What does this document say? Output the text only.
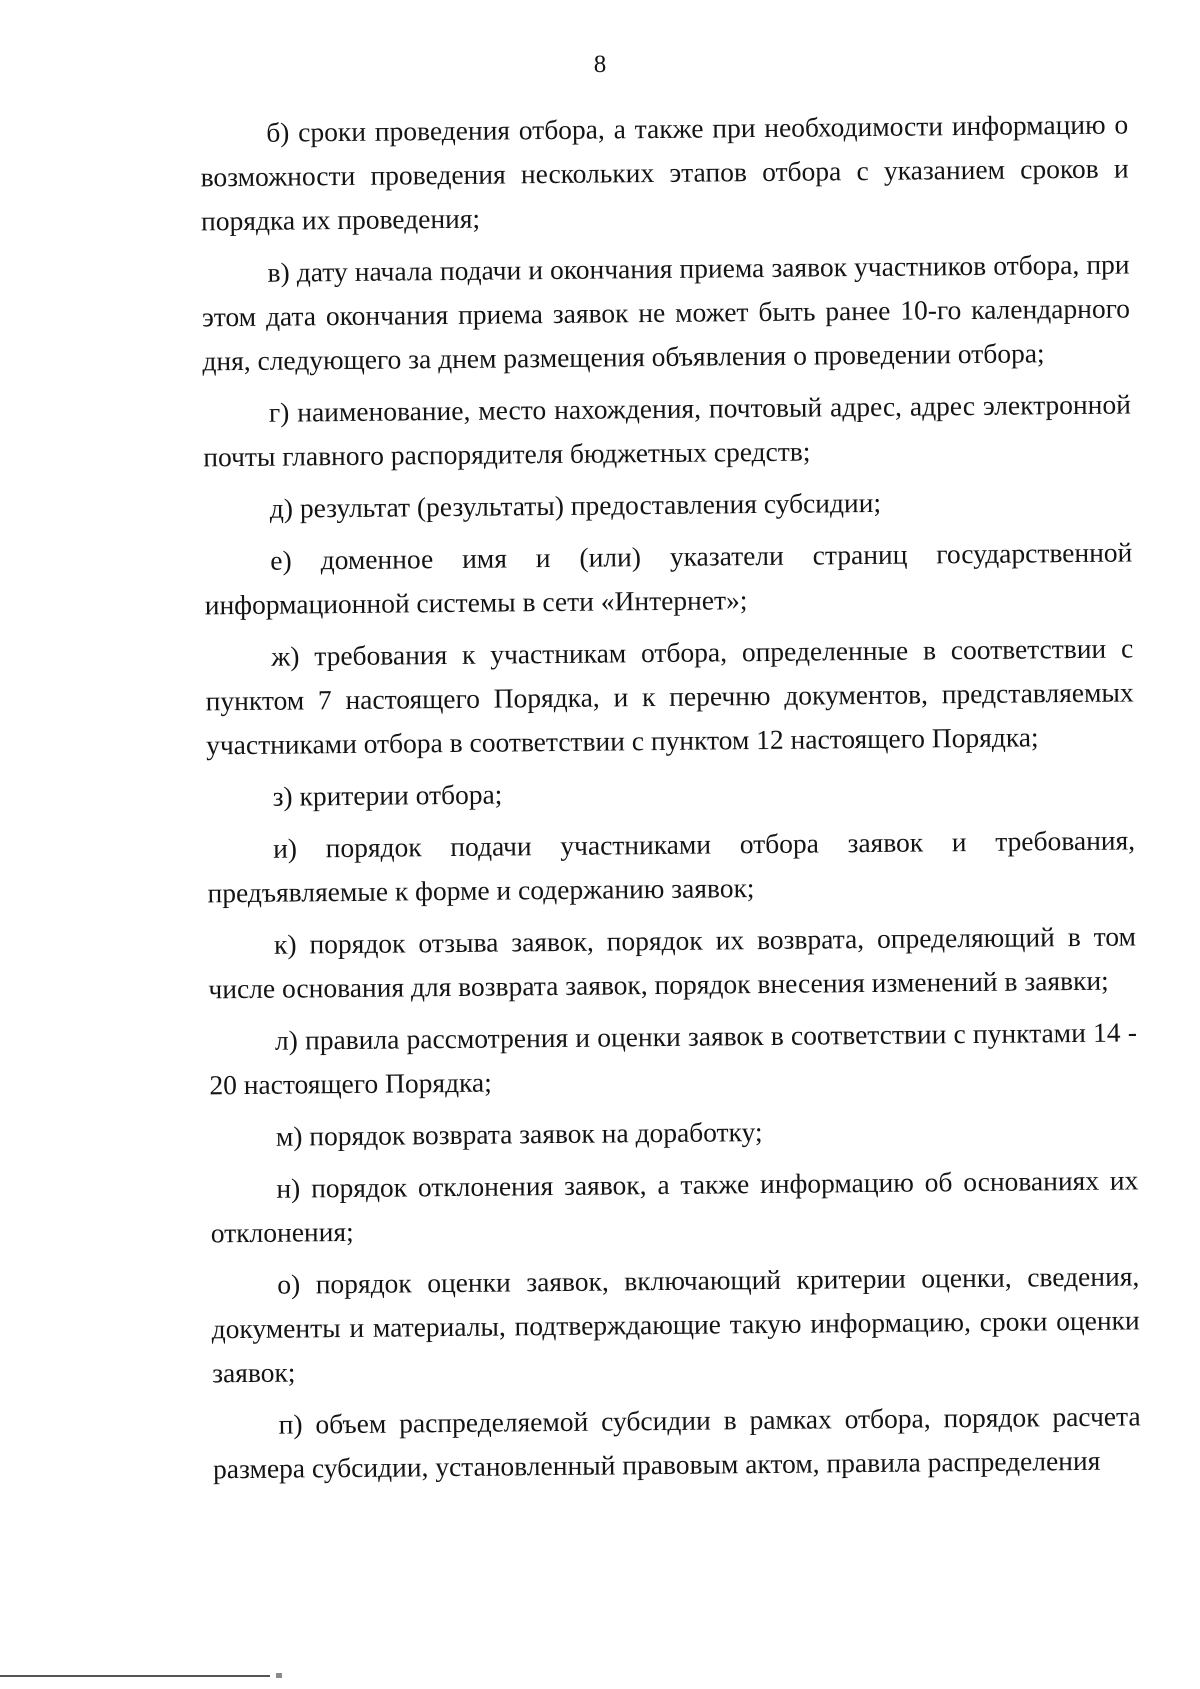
8

б) сроки проведения отбора, а также при необходимости информацию о возможности проведения нескольких этапов отбора с указанием сроков и порядка их проведения;

в) дату начала подачи и окончания приема заявок участников отбора, при этом дата окончания приема заявок не может быть ранее 10-го календарного дня, следующего за днем размещения объявления о проведении отбора;

г) наименование, место нахождения, почтовый адрес, адрес электронной почты главного распорядителя бюджетных средств;

д) результат (результаты) предоставления субсидии;

е) доменное имя и (или) указатели страниц государственной информационной системы в сети «Интернет»;

ж) требования к участникам отбора, определенные в соответствии с пунктом 7 настоящего Порядка, и к перечню документов, представляемых участниками отбора в соответствии с пунктом 12 настоящего Порядка;

з) критерии отбора;

и) порядок подачи участниками отбора заявок и требования, предъявляемые к форме и содержанию заявок;

к) порядок отзыва заявок, порядок их возврата, определяющий в том числе основания для возврата заявок, порядок внесения изменений в заявки;

л) правила рассмотрения и оценки заявок в соответствии с пунктами 14 - 20 настоящего Порядка;

м) порядок возврата заявок на доработку;

н) порядок отклонения заявок, а также информацию об основаниях их отклонения;

о) порядок оценки заявок, включающий критерии оценки, сведения, документы и материалы, подтверждающие такую информацию, сроки оценки заявок;

п) объем распределяемой субсидии в рамках отбора, порядок расчета размера субсидии, установленный правовым актом, правила распределения
